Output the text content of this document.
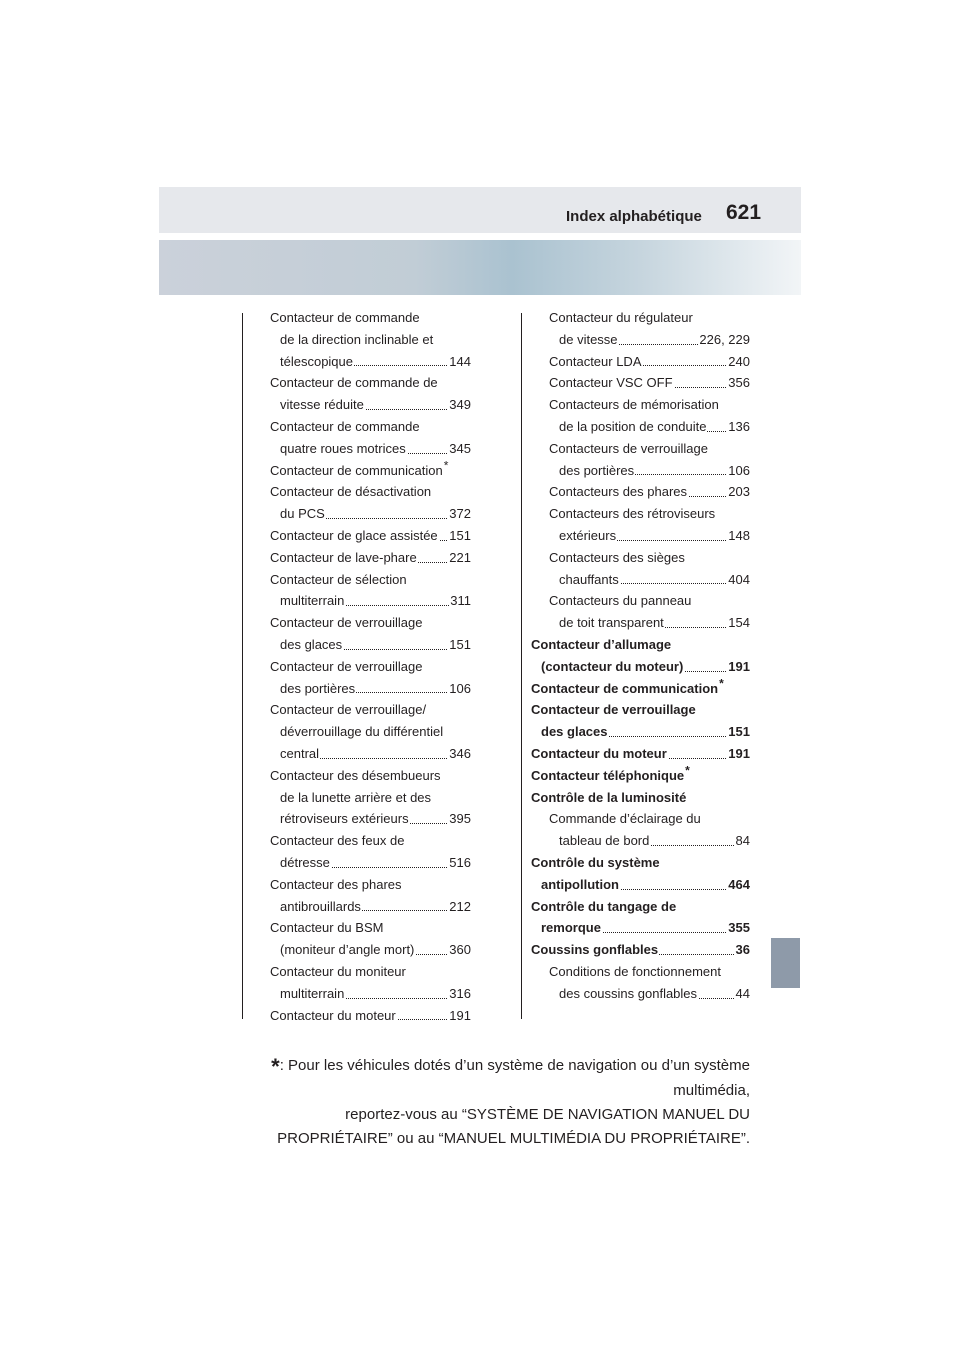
Index alphabétique 621
Contacteur de commande
de la direction inclinable et
télescopique	144
Contacteur de commande de
vitesse réduite	349
Contacteur de commande
quatre roues motrices	345
Contacteur de communication*
Contacteur de désactivation
du PCS	372
Contacteur de glace assistée 151
Contacteur de lave-phare	221
Contacteur de sélection
multiterrain	311
Contacteur de verrouillage
des glaces	151
Contacteur de verrouillage
des portières	106
Contacteur de verrouillage/
déverrouillage du différentiel
central	346
Contacteur des désembueurs
de la lunette arrière et des
rétroviseurs extérieurs	395
Contacteur des feux de
détresse	516
Contacteur des phares
antibrouillards	212
Contacteur du BSM
(moniteur d’angle mort)	360
Contacteur du moniteur
multiterrain	316
Contacteur du moteur	191
Contacteur du régulateur
de vitesse	226, 229
Contacteur LDA	240
Contacteur VSC OFF	356
Contacteurs de mémorisation
de la position de conduite 136
Contacteurs de verrouillage
des portières	106
Contacteurs des phares	203
Contacteurs des rétroviseurs
extérieurs	148
Contacteurs des sièges
chauffants	404
Contacteurs du panneau
de toit transparent	154
Contacteur d’allumage
(contacteur du moteur)	191
Contacteur de communication*
Contacteur de verrouillage
des glaces	151
Contacteur du moteur	191
Contacteur téléphonique*
Contrôle de la luminosité
Commande d’éclairage du
tableau de bord	84
Contrôle du système
antipollution	464
Contrôle du tangage de
remorque	355
Coussins gonflables	36
Conditions de fonctionnement
des coussins gonflables	44
*: Pour les véhicules dotés d’un système de navigation ou d’un système multimédia,
reportez-vous au “SYSTÈME DE NAVIGATION MANUEL DU
PROPRIÉTAIRE” ou au “MANUEL MULTIMÉDIA DU PROPRIÉTAIRE”.
